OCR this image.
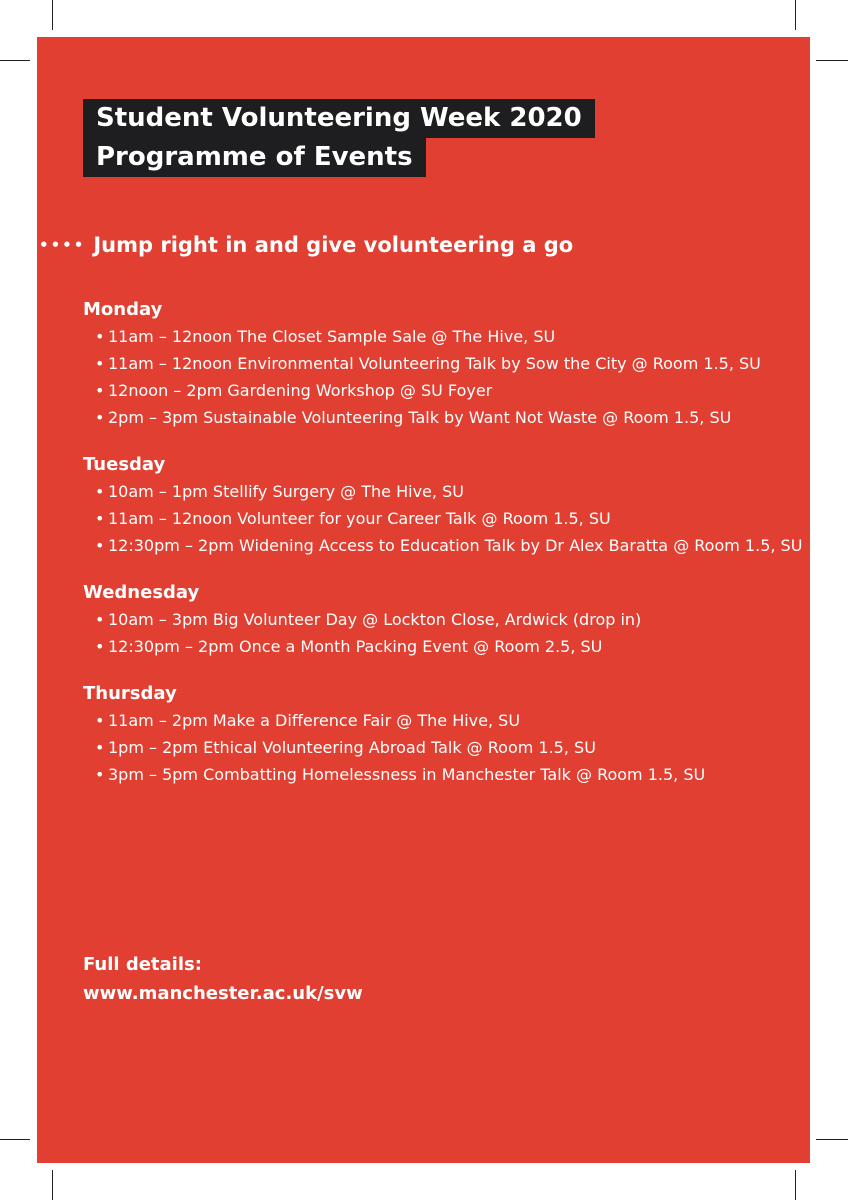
Student Volunteering Week 2020
Programme of Events
•••• Jump right in and give volunteering a go
Monday
• 11am – 12noon The Closet Sample Sale @ The Hive, SU
• 11am – 12noon Environmental Volunteering Talk by Sow the City @ Room 1.5, SU
• 12noon – 2pm Gardening Workshop @ SU Foyer
• 2pm – 3pm Sustainable Volunteering Talk by Want Not Waste @ Room 1.5, SU
Tuesday
• 10am – 1pm Stellify Surgery @ The Hive, SU
• 11am – 12noon Volunteer for your Career Talk @ Room 1.5, SU
• 12:30pm – 2pm Widening Access to Education Talk by Dr Alex Baratta @ Room 1.5, SU
Wednesday
• 10am – 3pm Big Volunteer Day @ Lockton Close, Ardwick (drop in)
• 12:30pm – 2pm Once a Month Packing Event @ Room 2.5, SU
Thursday
• 11am – 2pm Make a Difference Fair @ The Hive, SU
• 1pm – 2pm Ethical Volunteering Abroad Talk @ Room 1.5, SU
• 3pm – 5pm Combatting Homelessness in Manchester Talk @ Room 1.5, SU
Full details:
www.manchester.ac.uk/svw
